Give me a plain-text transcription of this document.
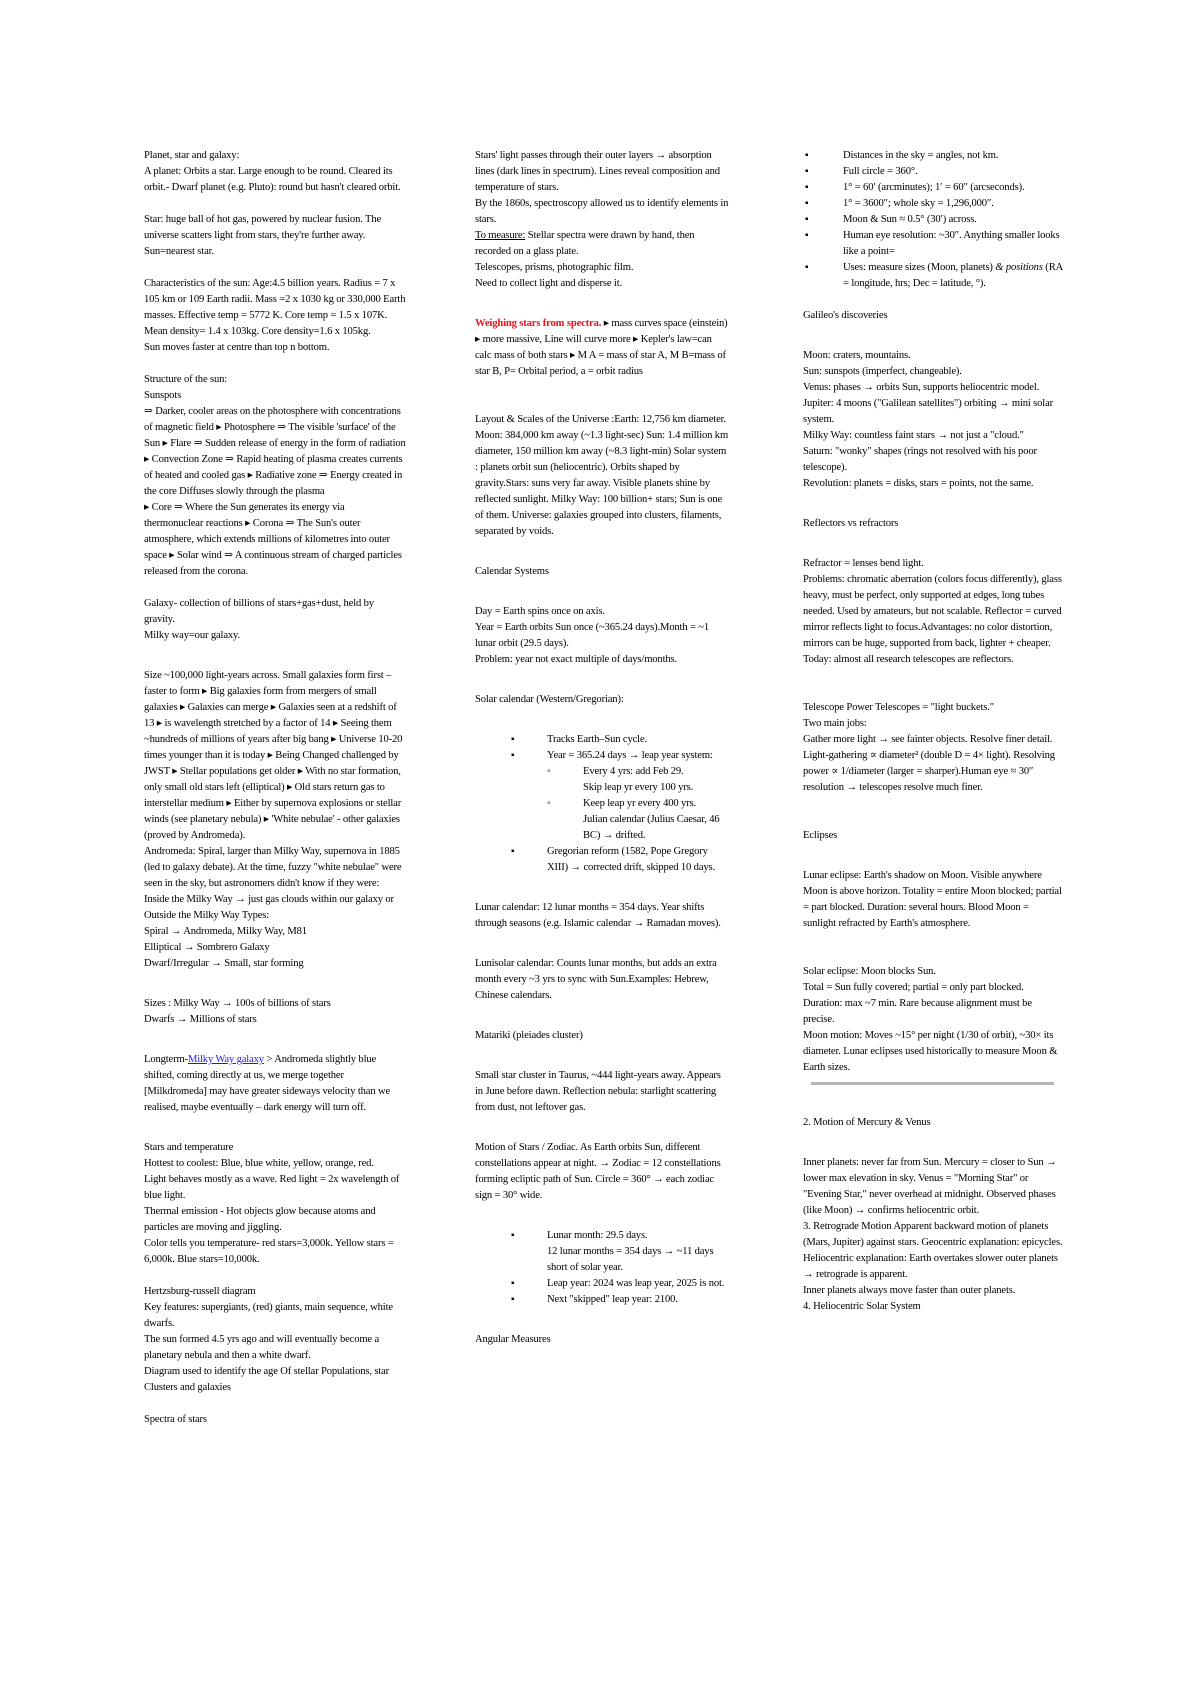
Planet, star and galaxy:
A planet: Orbits a star. Large enough to be round. Cleared its orbit.- Dwarf planet (e.g. Pluto): round but hasn't cleared orbit.

Star: huge ball of hot gas, powered by nuclear fusion. The universe scatters light from stars, they're further away. Sun=nearest star.

Characteristics of the sun: Age:4.5 billion years. Radius = 7 x 105 km or 109 Earth radii. Mass =2 x 1030 kg or 330,000 Earth masses. Effective temp = 5772 K. Core temp = 1.5 x 107K. Mean density= 1.4 x 103kg. Core density=1.6 x 105kg.
Sun moves faster at centre than top n bottom.

Structure of the sun:
Sunspots
⇒ Darker, cooler areas on the photosphere with concentrations of magnetic field ▸ Photosphere ⇒ The visible 'surface' of the Sun ▸ Flare ⇒ Sudden release of energy in the form of radiation ▸ Convection Zone ⇒ Rapid heating of plasma creates currents of heated and cooled gas ▸ Radiative zone ⇒ Energy created in the core Diffuses slowly through the plasma
▸ Core ⇒ Where the Sun generates its energy via thermonuclear reactions ▸ Corona ⇒ The Sun's outer atmosphere, which extends millions of kilometres into outer space ▸ Solar wind ⇒ A continuous stream of charged particles released from the corona.

Galaxy- collection of billions of stars+gas+dust, held by gravity.
Milky way=our galaxy.

Size ~100,000 light-years across. Small galaxies form first – faster to form ▸ Big galaxies form from mergers of small galaxies ▸ Galaxies can merge ▸ Galaxies seen at a redshift of 13 ▸ is wavelength stretched by a factor of 14 ▸ Seeing them ~hundreds of millions of years after big bang ▸ Universe 10-20 times younger than it is today ▸ Being Changed challenged by JWST ▸ Stellar populations get older ▸ With no star formation, only small old stars left (elliptical) ▸ Old stars return gas to interstellar medium ▸ Either by supernova explosions or stellar winds (see planetary nebula) ▸ 'White nebulae' - other galaxies (proved by Andromeda).
Andromeda: Spiral, larger than Milky Way, supernova in 1885 (led to galaxy debate). At the time, fuzzy "white nebulae" were seen in the sky, but astronomers didn't know if they were: Inside the Milky Way → just gas clouds within our galaxy or Outside the Milky Way Types:
Spiral → Andromeda, Milky Way, M81
Elliptical → Sombrero Galaxy
Dwarf/Irregular → Small, star forming

Sizes : Milky Way → 100s of billions of stars
Dwarfs → Millions of stars

Longterm-Milky Way galaxy > Andromeda slightly blue shifted, coming directly at us, we merge together [Milkdromeda] may have greater sideways velocity than we realised, maybe eventually – dark energy will turn off.

Stars and temperature
Hottest to coolest: Blue, blue white, yellow, orange, red.
Light behaves mostly as a wave. Red light = 2x wavelength of blue light.
Thermal emission - Hot objects glow because atoms and particles are moving and jiggling.
Color tells you temperature- red stars=3,000k. Yellow stars = 6,000k. Blue stars=10,000k.

Hertzsburg-russell diagram
Key features: supergiants, (red) giants, main sequence, white dwarfs.
The sun formed 4.5 yrs ago and will eventually become a planetary nebula and then a white dwarf.
Diagram used to identify the age Of stellar Populations, star Clusters and galaxies

Spectra of stars

Stars' light passes through their outer layers → absorption lines (dark lines in spectrum). Lines reveal composition and temperature of stars.
By the 1860s, spectroscopy allowed us to identify elements in stars.

To measure: Stellar spectra were drawn by hand, then recorded on a glass plate.
Telescopes, prisms, photographic film.
Need to collect light and disperse it.

Weighing stars from spectra. ▸ mass curves space (einstein) ▸ more massive, Line will curve more ▸ Kepler's law=can calc mass of both stars ▸ M A = mass of star A, M B=mass of star B, P= Orbital period, a = orbit radius

Layout & Scales of the Universe :Earth: 12,756 km diameter. Moon: 384,000 km away (~1.3 light-sec) Sun: 1.4 million km diameter, 150 million km away (~8.3 light-min) Solar system : planets orbit sun (heliocentric). Orbits shaped by gravity.Stars: suns very far away. Visible planets shine by reflected sunlight. Milky Way: 100 billion+ stars; Sun is one of them. Universe: galaxies grouped into clusters, filaments, separated by voids.

Calendar Systems

Day = Earth spins once on axis.
Year = Earth orbits Sun once (~365.24 days).Month = ~1 lunar orbit (29.5 days).
Problem: year not exact multiple of days/months.

Solar calendar (Western/Gregorian):

▪ Tracks Earth–Sun cycle.
▪ Year = 365.24 days → leap year system:
◦ Every 4 yrs: add Feb 29.
Skip leap yr every 100 yrs.
◦ Keep leap yr every 400 yrs.
Julian calendar (Julius Caesar, 46 BC) → drifted.
▪ Gregorian reform (1582, Pope Gregory XIII) → corrected drift, skipped 10 days.

Lunar calendar: 12 lunar months = 354 days. Year shifts through seasons (e.g. Islamic calendar → Ramadan moves).

Lunisolar calendar: Counts lunar months, but adds an extra month every ~3 yrs to sync with Sun.Examples: Hebrew, Chinese calendars.

Matariki (pleiades cluster)

Small star cluster in Taurus, ~444 light-years away. Appears in June before dawn. Reflection nebula: starlight scattering from dust, not leftover gas.

Motion of Stars / Zodiac. As Earth orbits Sun, different constellations appear at night. → Zodiac = 12 constellations forming ecliptic path of Sun. Circle = 360° → each zodiac sign = 30° wide.

▪ Lunar month: 29.5 days.
12 lunar months = 354 days → ~11 days short of solar year.
▪ Leap year: 2024 was leap year, 2025 is not.
▪ Next "skipped" leap year: 2100.

Angular Measures

▪ Distances in the sky = angles, not km.
▪ Full circle = 360°.
▪ 1° = 60′ (arcminutes); 1′ = 60″ (arcseconds).
▪ 1° = 3600″; whole sky = 1,296,000″.
▪ Moon & Sun ≈ 0.5° (30′) across.
▪ Human eye resolution: ~30″. Anything smaller looks like a point=
▪ Uses: measure sizes (Moon, planets) & positions (RA = longitude, hrs; Dec = latitude, °).

Galileo's discoveries

Moon: craters, mountains.
Sun: sunspots (imperfect, changeable).
Venus: phases → orbits Sun, supports heliocentric model.
Jupiter: 4 moons ("Galilean satellites") orbiting → mini solar system.
Milky Way: countless faint stars → not just a "cloud."
Saturn: "wonky" shapes (rings not resolved with his poor telescope).
Revolution: planets = disks, stars = points, not the same.

Reflectors vs refractors

Refractor = lenses bend light.
Problems: chromatic aberration (colors focus differently), glass heavy, must be perfect, only supported at edges, long tubes needed. Used by amateurs, but not scalable. Reflector = curved mirror reflects light to focus.Advantages: no color distortion, mirrors can be huge, supported from back, lighter + cheaper. Today: almost all research telescopes are reflectors.

Telescope Power Telescopes = "light buckets."
Two main jobs:
Gather more light → see fainter objects. Resolve finer detail.
Light-gathering ∝ diameter² (double D = 4× light). Resolving power ∝ 1/diameter (larger = sharper).Human eye ≈ 30″ resolution → telescopes resolve much finer.

Eclipses

Lunar eclipse: Earth's shadow on Moon. Visible anywhere Moon is above horizon. Totality = entire Moon blocked; partial = part blocked. Duration: several hours. Blood Moon = sunlight refracted by Earth's atmosphere.

Solar eclipse: Moon blocks Sun.
Total = Sun fully covered; partial = only part blocked. Duration: max ~7 min. Rare because alignment must be precise.
Moon motion: Moves ~15° per night (1/30 of orbit), ~30× its diameter. Lunar eclipses used historically to measure Moon & Earth sizes.

2. Motion of Mercury & Venus

Inner planets: never far from Sun. Mercury = closer to Sun → lower max elevation in sky. Venus = "Morning Star" or "Evening Star," never overhead at midnight. Observed phases (like Moon) → confirms heliocentric orbit.
3. Retrograde Motion Apparent backward motion of planets (Mars, Jupiter) against stars. Geocentric explanation: epicycles. Heliocentric explanation: Earth overtakes slower outer planets → retrograde is apparent.
Inner planets always move faster than outer planets.
4. Heliocentric Solar System
